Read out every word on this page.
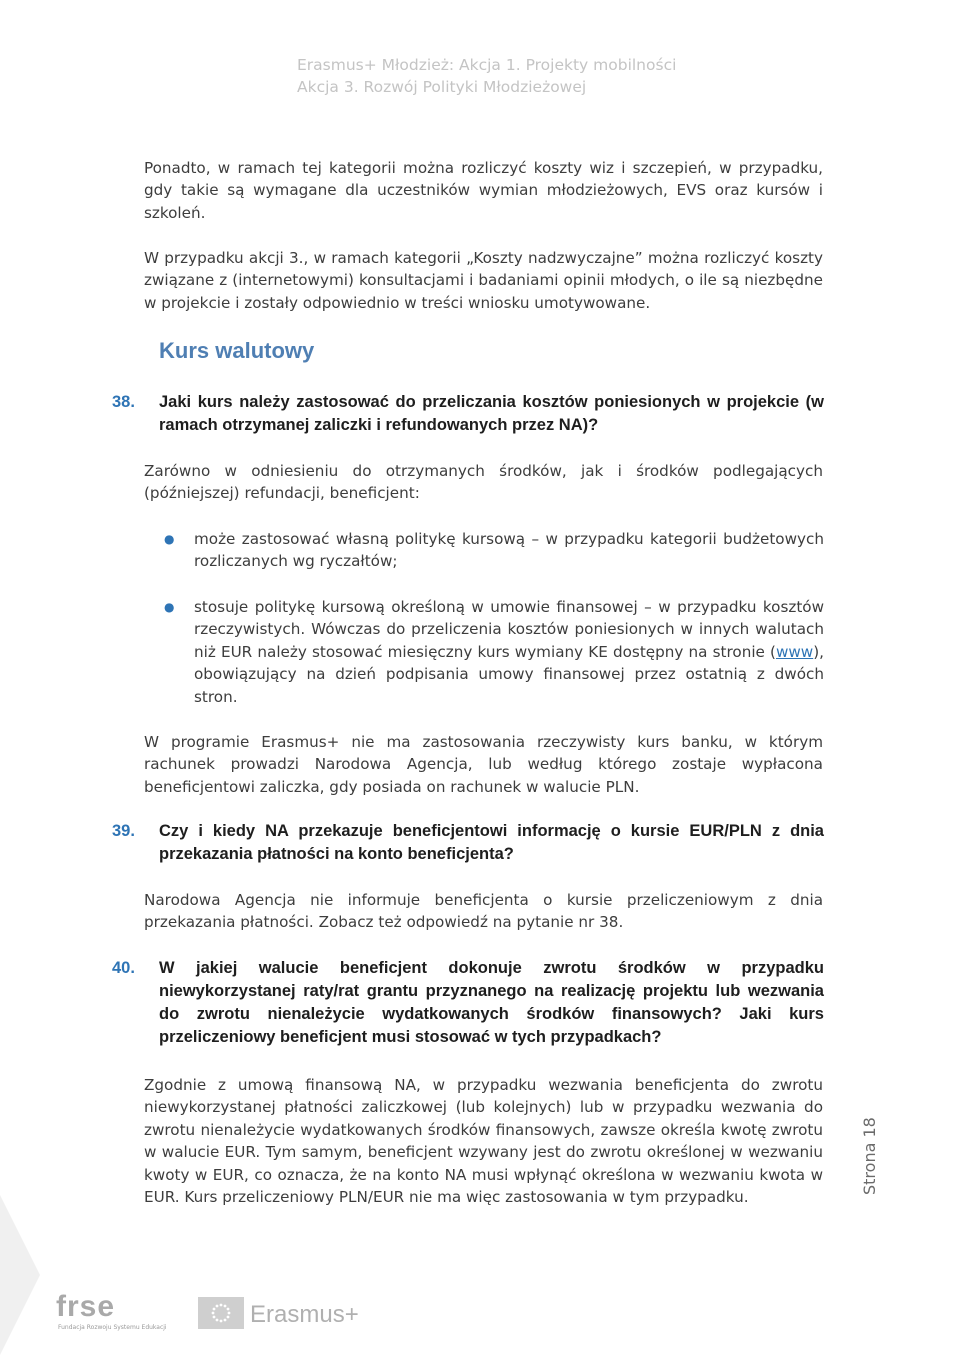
Erasmus+ Młodzież: Akcja 1. Projekty mobilności
Akcja 3. Rozwój Polityki Młodzieżowej
Ponadto, w ramach tej kategorii można rozliczyć koszty wiz i szczepień, w przypadku, gdy takie są wymagane dla uczestników wymian młodzieżowych, EVS oraz kursów i szkoleń.
W przypadku akcji 3., w ramach kategorii „Koszty nadzwyczajne” można rozliczyć koszty związane z (internetowymi) konsultacjami i badaniami opinii młodych, o ile są niezbędne w projekcie i zostały odpowiednio w treści wniosku umotywowane.
Kurs walutowy
38. Jaki kurs należy zastosować do przeliczania kosztów poniesionych w projekcie (w ramach otrzymanej zaliczki i refundowanych przez NA)?
Zarówno w odniesieniu do otrzymanych środków, jak i środków podlegających (późniejszej) refundacji, beneficjent:
● może zastosować własną politykę kursową – w przypadku kategorii budżetowych rozliczanych wg ryczałtów;
● stosuje politykę kursową określoną w umowie finansowej – w przypadku kosztów rzeczywistych. Wówczas do przeliczenia kosztów poniesionych w innych walutach niż EUR należy stosować miesięczny kurs wymiany KE dostępny na stronie (www), obowiązujący na dzień podpisania umowy finansowej przez ostatnią z dwóch stron.
W programie Erasmus+ nie ma zastosowania rzeczywisty kurs banku, w którym rachunek prowadzi Narodowa Agencja, lub według którego zostaje wypłacona beneficjentowi zaliczka, gdy posiada on rachunek w walucie PLN.
39. Czy i kiedy NA przekazuje beneficjentowi informację o kursie EUR/PLN z dnia przekazania płatności na konto beneficjenta?
Narodowa Agencja nie informuje beneficjenta o kursie przeliczeniowym z dnia przekazania płatności. Zobacz też odpowiedź na pytanie nr 38.
40. W jakiej walucie beneficjent dokonuje zwrotu środków w przypadku niewykorzystanej raty/rat grantu przyznanego na realizację projektu lub wezwania do zwrotu nienależycie wydatkowanych środków finansowych? Jaki kurs przeliczeniowy beneficjent musi stosować w tych przypadkach?
Zgodnie z umową finansową NA, w przypadku wezwania beneficjenta do zwrotu niewykorzystanej płatności zaliczkowej (lub kolejnych) lub w przypadku wezwania do zwrotu nienależycie wydatkowanych środków finansowych, zawsze określa kwotę zwrotu w walucie EUR. Tym samym, beneficjent wzywany jest do zwrotu określonej w wezwaniu kwoty w EUR, co oznacza, że na konto NA musi wpłynąć określona w wezwaniu kwota w EUR. Kurs przeliczeniowy PLN/EUR nie ma więc zastosowania w tym przypadku.
Strona 18
frse
Fundacja Rozwoju Systemu Edukacji	Erasmus+
